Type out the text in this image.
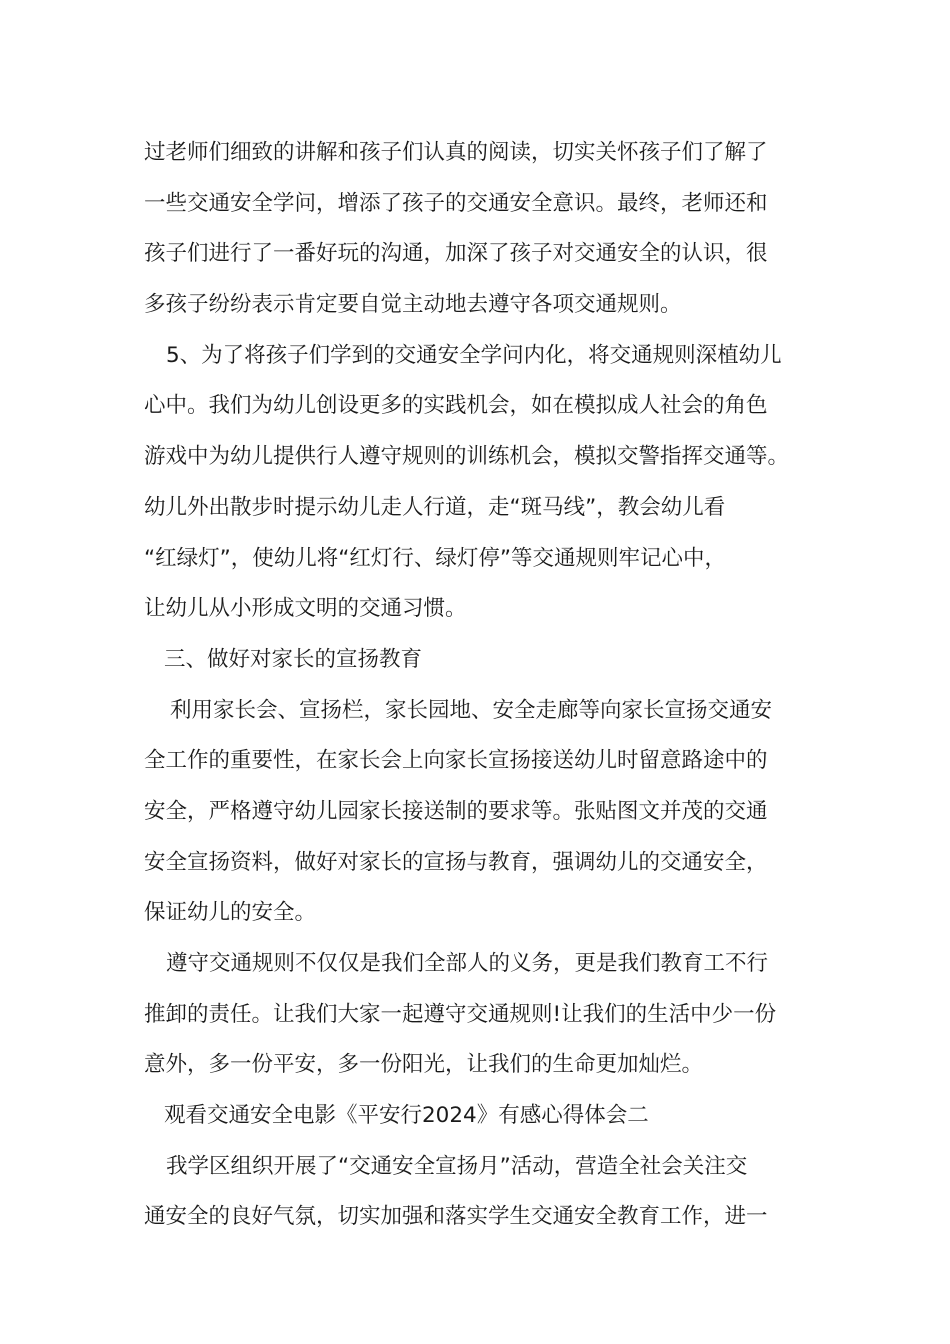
过老师们细致的讲解和孩子们认真的阅读，切实关怀孩子们了解了
一些交通安全学问，增添了孩子的交通安全意识。最终，老师还和
孩子们进行了一番好玩的沟通，加深了孩子对交通安全的认识，很
多孩子纷纷表示肯定要自觉主动地去遵守各项交通规则。
5、为了将孩子们学到的交通安全学问内化，将交通规则深植幼儿
心中。我们为幼儿创设更多的实践机会，如在模拟成人社会的角色
游戏中为幼儿提供行人遵守规则的训练机会，模拟交警指挥交通等。
幼儿外出散步时提示幼儿走人行道，走“斑马线”，教会幼儿看
“红绿灯”，使幼儿将“红灯行、绿灯停”等交通规则牢记心中，
让幼儿从小形成文明的交通习惯。
三、做好对家长的宣扬教育
利用家长会、宣扬栏，家长园地、安全走廊等向家长宣扬交通安
全工作的重要性，在家长会上向家长宣扬接送幼儿时留意路途中的
安全，严格遵守幼儿园家长接送制的要求等。张贴图文并茂的交通
安全宣扬资料，做好对家长的宣扬与教育，强调幼儿的交通安全，
保证幼儿的安全。
遵守交通规则不仅仅是我们全部人的义务，更是我们教育工不行
推卸的责任。让我们大家一起遵守交通规则!让我们的生活中少一份
意外，多一份平安，多一份阳光，让我们的生命更加灿烂。
观看交通安全电影《平安行2024》有感心得体会二
我学区组织开展了“交通安全宣扬月”活动，营造全社会关注交
通安全的良好气氛，切实加强和落实学生交通安全教育工作，进一
